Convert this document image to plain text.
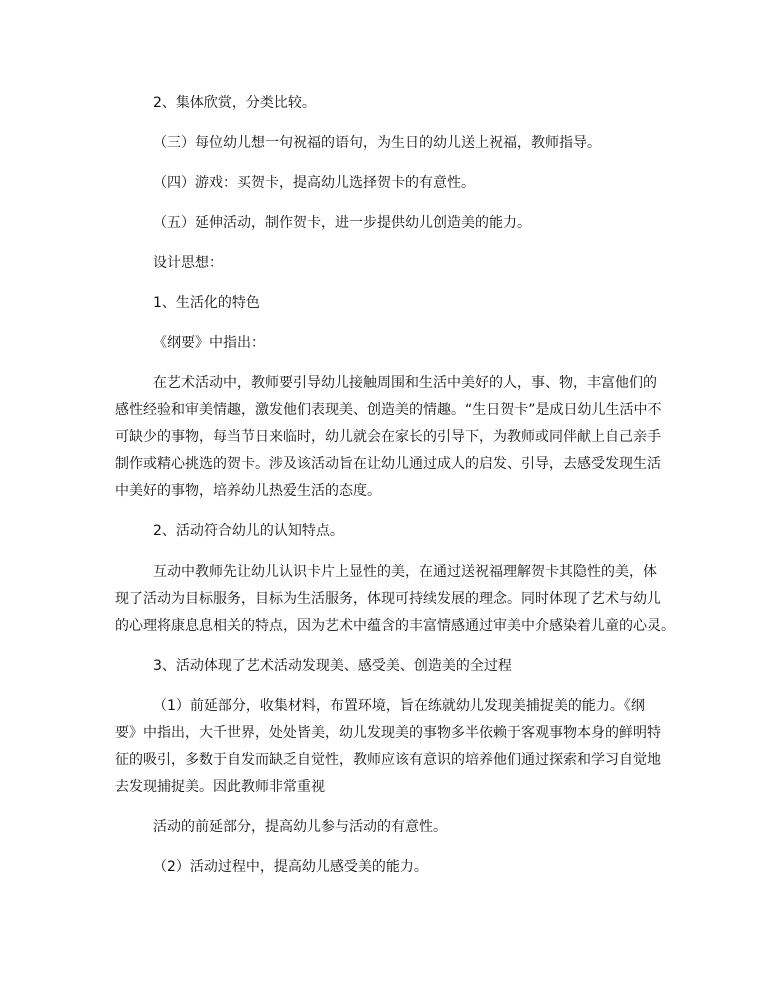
2、集体欣赏，分类比较。
（三）每位幼儿想一句祝福的语句，为生日的幼儿送上祝福，教师指导。
（四）游戏：买贺卡，提高幼儿选择贺卡的有意性。
（五）延伸活动，制作贺卡，进一步提供幼儿创造美的能力。
设计思想：
1、生活化的特色
《纲要》中指出：
在艺术活动中，教师要引导幼儿接触周围和生活中美好的人，事、物，丰富他们的
感性经验和审美情趣，激发他们表现美、创造美的情趣。“生日贺卡”是成日幼儿生活中不
可缺少的事物，每当节日来临时，幼儿就会在家长的引导下，为教师或同伴献上自己亲手
制作或精心挑选的贺卡。涉及该活动旨在让幼儿通过成人的启发、引导，去感受发现生活
中美好的事物，培养幼儿热爱生活的态度。
2、活动符合幼儿的认知特点。
互动中教师先让幼儿认识卡片上显性的美，在通过送祝福理解贺卡其隐性的美，体
现了活动为目标服务，目标为生活服务，体现可持续发展的理念。同时体现了艺术与幼儿
的心理将康息息相关的特点，因为艺术中蕴含的丰富情感通过审美中介感染着儿童的心灵。
3、活动体现了艺术活动发现美、感受美、创造美的全过程
（1）前延部分，收集材料，布置环境，旨在练就幼儿发现美捕捉美的能力。《纲
要》中指出，大千世界，处处皆美，幼儿发现美的事物多半依赖于客观事物本身的鲜明特
征的吸引，多数于自发而缺乏自觉性，教师应该有意识的培养他们通过探索和学习自觉地
去发现捕捉美。因此教师非常重视
活动的前延部分，提高幼儿参与活动的有意性。
（2）活动过程中，提高幼儿感受美的能力。
